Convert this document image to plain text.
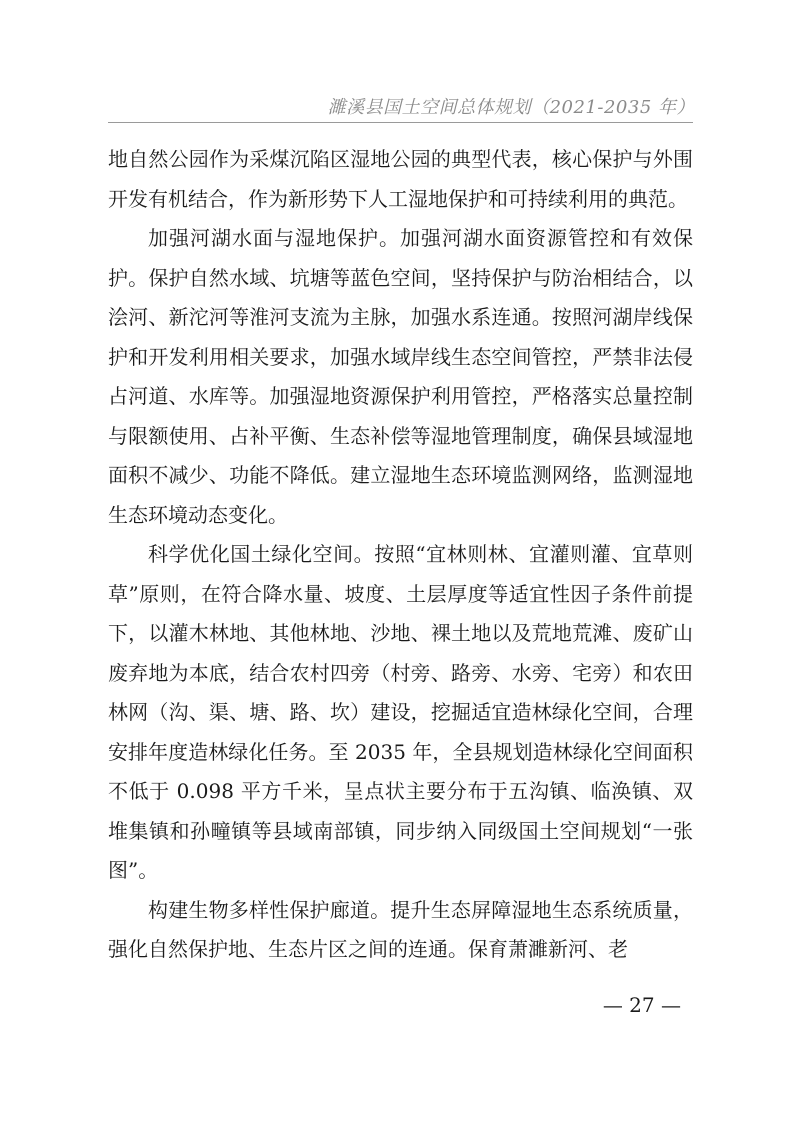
濉溪县国土空间总体规划（2021-2035 年）

地自然公园作为采煤沉陷区湿地公园的典型代表，核心保护与外围开发有机结合，作为新形势下人工湿地保护和可持续利用的典范。

加强河湖水面与湿地保护。加强河湖水面资源管控和有效保护。保护自然水域、坑塘等蓝色空间，坚持保护与防治相结合，以浍河、新沱河等淮河支流为主脉，加强水系连通。按照河湖岸线保护和开发利用相关要求，加强水域岸线生态空间管控，严禁非法侵占河道、水库等。加强湿地资源保护利用管控，严格落实总量控制与限额使用、占补平衡、生态补偿等湿地管理制度，确保县域湿地面积不减少、功能不降低。建立湿地生态环境监测网络，监测湿地生态环境动态变化。

科学优化国土绿化空间。按照“宜林则林、宜灌则灌、宜草则草”原则，在符合降水量、坡度、土层厚度等适宜性因子条件前提下，以灌木林地、其他林地、沙地、裸土地以及荒地荒滩、废矿山废弃地为本底，结合农村四旁（村旁、路旁、水旁、宅旁）和农田林网（沟、渠、塘、路、坎）建设，挖掘适宜造林绿化空间，合理安排年度造林绿化任务。至 2035 年，全县规划造林绿化空间面积不低于 0.098 平方千米，呈点状主要分布于五沟镇、临涣镇、双堆集镇和孙疃镇等县域南部镇，同步纳入同级国土空间规划“一张图”。

构建生物多样性保护廊道。提升生态屏障湿地生态系统质量，强化自然保护地、生态片区之间的连通。保育萧濉新河、老

— 27 —
